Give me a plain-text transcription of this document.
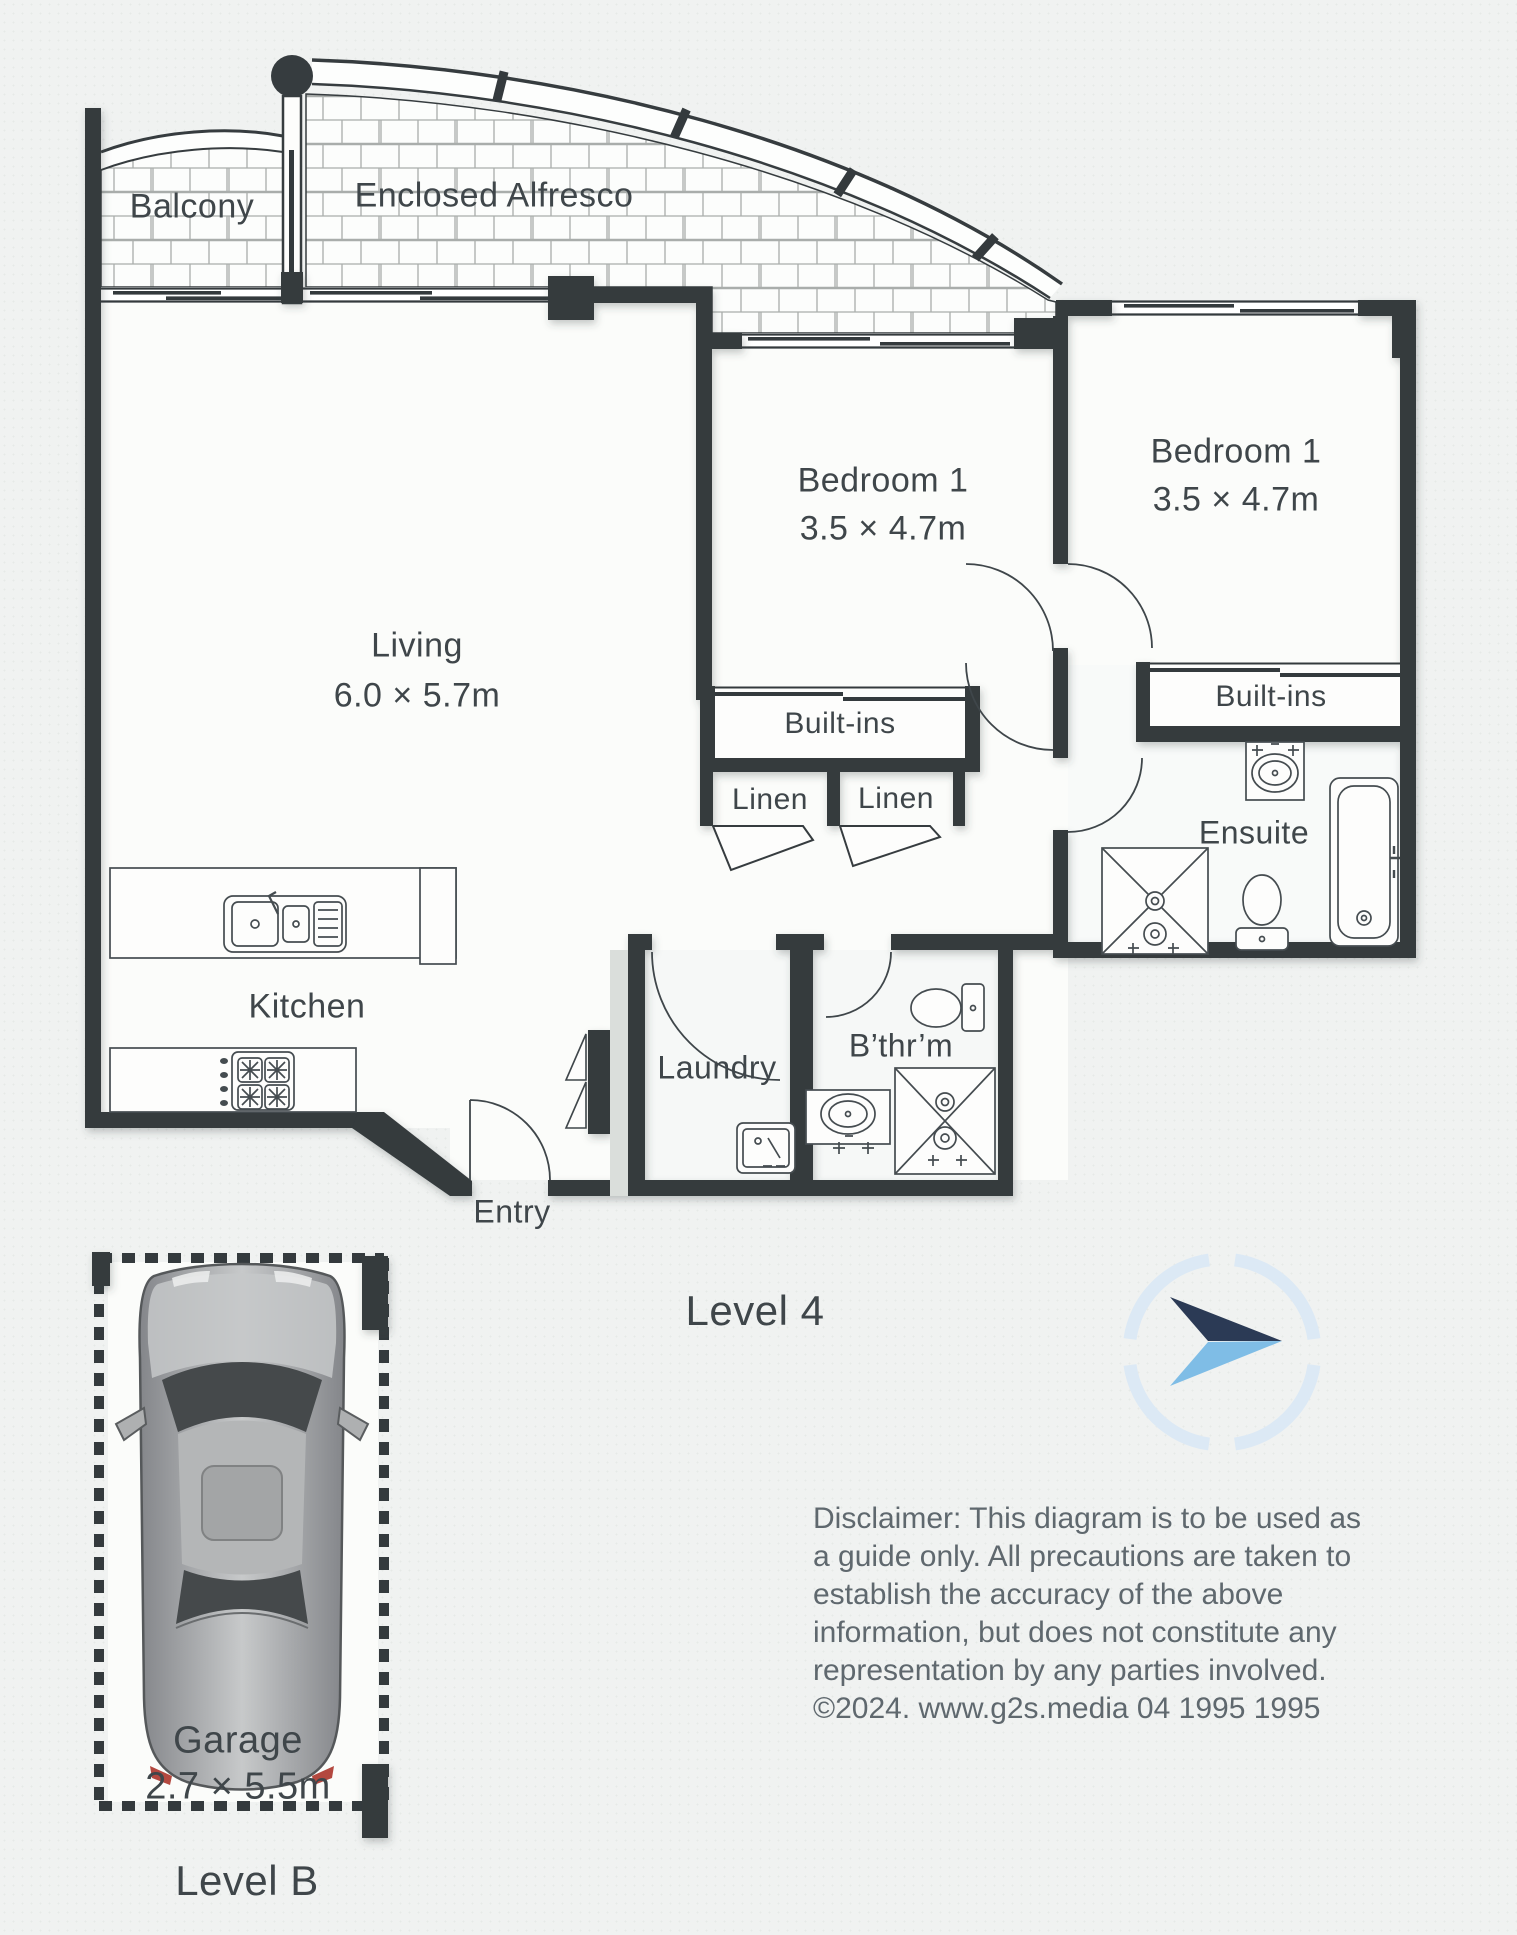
Balcony	Enclosed Alfresco
Bedroom 1
3.5 × 4.7m
Bedroom 1
3.5 × 4.7m
Living
6.0 × 5.7m
Built-ins
Built-ins
Linen Linen
Ensuite
Kitchen
Laundry
B’thr’m
Entry
Level 4
Garage
2.7 × 5.5m
Level B
Disclaimer: This diagram is to be used as
a guide only. All precautions are taken to
establish the accuracy of the above
information, but does not constitute any
representation by any parties involved.
©2024. www.g2s.media 04 1995 1995
